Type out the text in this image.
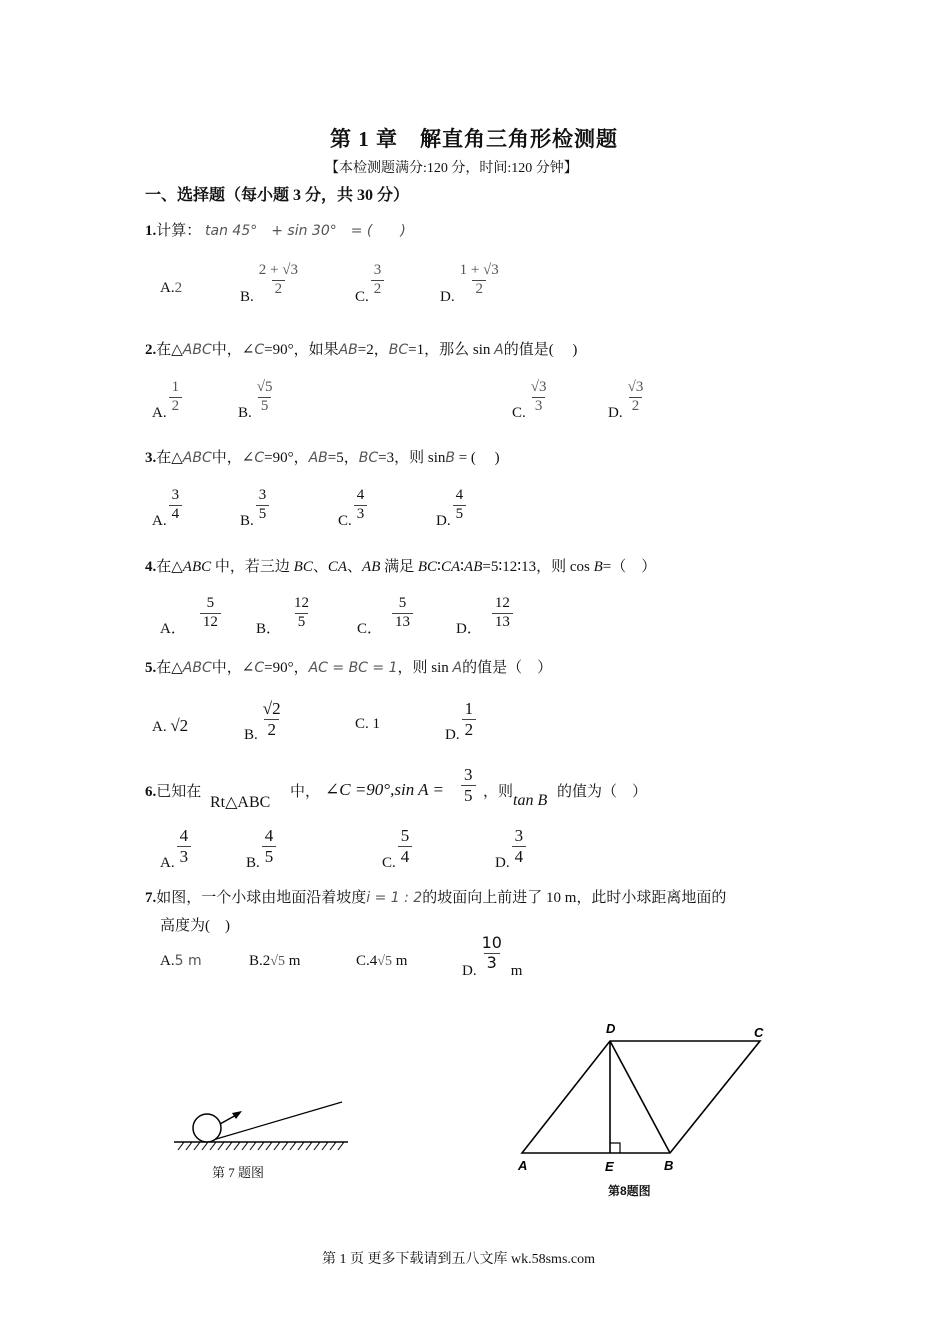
第 1 章　解直角三角形检测题
【本检测题满分:120 分，时间:120 分钟】
一、选择题（每小题 3 分，共 30 分）
1.计算： tan 45°　+ sin 30°　= (　　)
A.2
B. $\frac{2 + √3}{2}$	C. $\frac{3}{2}$	D. $\frac{1 + √3}{2}$
2.在△ABC中，∠C=90°，如果AB=2，BC=1，那么 sin A的值是(　 )
A. $\frac{1}{2}$	B. $\frac{√5}{5}$	C. $\frac{√3}{3}$	D. $\frac{√3}{2}$
3.在△ABC中，∠C=90°，AB=5，BC=3，则 sinB = (　 )
A. $\frac{3}{4}$	B. $\frac{3}{5}$	C. $\frac{4}{3}$	D. $\frac{4}{5}$
4.在△ABC 中，若三边 BC、CA、AB 满足 BC∶CA∶AB=5∶12∶13，则 cos B=（　）
A． $\frac{5}{12}$ B． $\frac{12}{5}$	C． $\frac{5}{13}$	D． $\frac{12}{13}$
5.在△ABC中，∠C=90°，AC = BC = 1，则 sin A的值是（　）
A. √2	B. $\frac{√2}{2}$	C. 1
D. $\frac{1}{2}$
6.已知在
Rt△ABC
中， ∠C =90°,sin $A = \frac{3}{5}$ ，则 tan B 的值为（　）
A. $\frac{4}{3}$	B. $\frac{4}{5}$	C. $\frac{5}{4}$	D. $\frac{3}{4}$
7.如图，一个小球由地面沿着坡度i = 1 : 2的坡面向上前进了 10 m，此时小球距离地面的
高度为(　)
A.5 m	B.2√5 m	C.4√5 m
D. $\frac{10}{3}$ m
第 7 题图
D	C
A	E	B
第8题图
第 1 页 更多下载请到五八文库 wk.58sms.com
